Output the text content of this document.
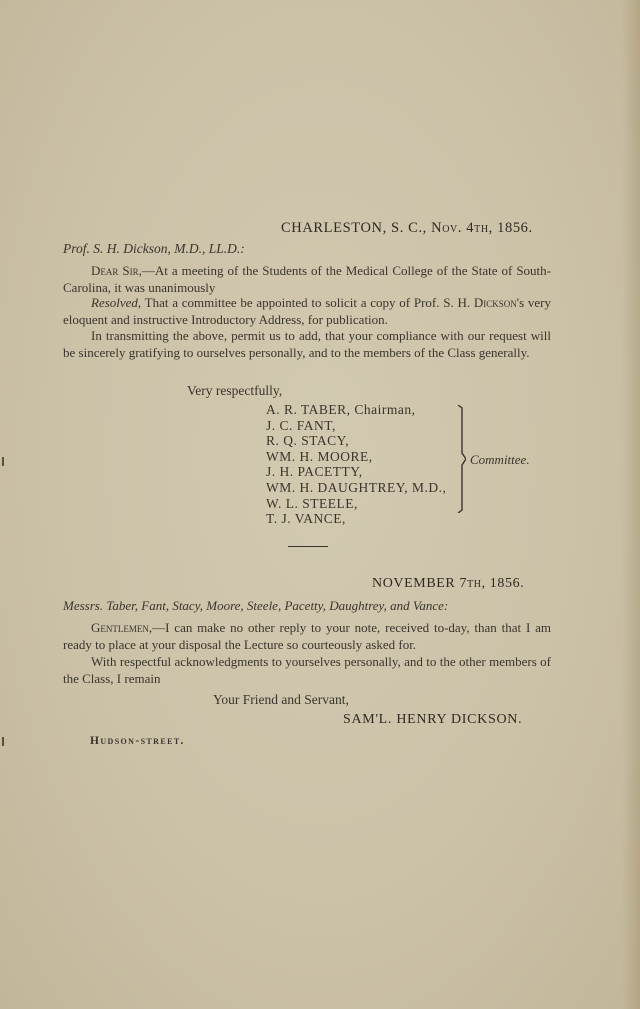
CHARLESTON, S. C., Nov. 4th, 1856.
Prof. S. H. Dickson, M.D., LL.D.:

Dear Sir,—At a meeting of the Students of the Medical College of the State of South-Carolina, it was unanimously

Resolved, That a committee be appointed to solicit a copy of Prof. S. H. Dickson's very eloquent and instructive Introductory Address, for publication.

In transmitting the above, permit us to add, that your compliance with our request will be sincerely gratifying to ourselves personally, and to the members of the Class generally.

Very respectfully,
A. R. TABER, Chairman,
J. C. FANT,
R. Q. STACY,
WM. H. MOORE,
J. H. PACETTY,
WM. H. DAUGHTREY, M.D.,
W. L. STEELE,
T. J. VANCE,
Committee.
NOVEMBER 7th, 1856.
Messrs. Taber, Fant, Stacy, Moore, Steele, Pacetty, Daughtrey, and Vance:

Gentlemen,—I can make no other reply to your note, received to-day, than that I am ready to place at your disposal the Lecture so courteously asked for.

With respectful acknowledgments to yourselves personally, and to the other members of the Class, I remain

Your Friend and Servant,
SAM'L. HENRY DICKSON.
Hudson-street.
